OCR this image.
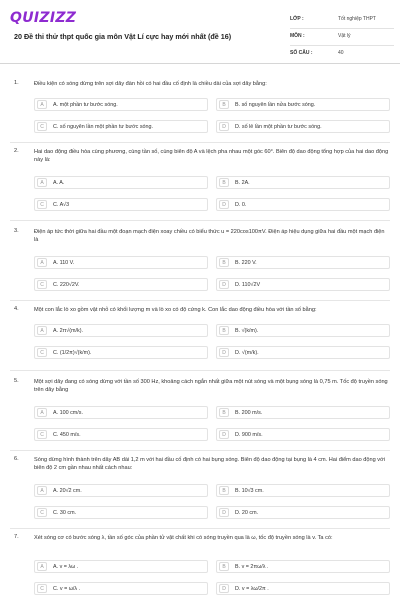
QUIZIZZ
20 Đề thi thử thpt quốc gia môn Vật Lí cực hay mới nhất (đề 16)
LỚP :	Tốt nghiệp THPT
MÔN :	Vật lý
SỐ CÂU :	40
1.	Điều kiện có sóng dừng trên sợi dây đàn hồi có hai đầu cố định là chiều dài của sợi dây bằng:
A	A. một phần tư bước sóng.	B	B. số nguyên lần nửa bước sóng.
C	C. số nguyên lần một phần tư bước sóng.	D	D. số lẻ lần một phần tư bước sóng.
2.	Hai dao động điều hòa cùng phương, cùng tần số, cùng biên độ A và lệch pha nhau một góc 60°. Biên độ dao động tổng hợp của hai dao động này là:
A	A. A.	B	B. 2A.
C	C. A√3	D	D. 0.
3.	Điện áp tức thời giữa hai đầu một đoạn mạch điện xoay chiều có biểu thức u = 220cos100πV. Điện áp hiệu dụng giữa hai đầu một mạch điện là
A	A. 110 V.	B	B. 220 V.
C	C. 220√2V.	D	D. 110√2V
4.	Một con lắc lò xo gồm vật nhỏ có khối lượng m và lò xo có độ cứng k. Con lắc dao động điều hòa với tần số bằng:
A	A. 2π√(m/k).	B	B. √(k/m).
C	C. (1/2π)√(k/m).	D	D. √(m/k).
5.	Một sợi dây đang có sóng dừng với tần số 300 Hz, khoảng cách ngắn nhất giữa một nút sóng và một bụng sóng là 0,75 m. Tốc độ truyền sóng trên dây bằng
A	A. 100 cm/s.	B	B. 200 m/s.
C	C. 450 m/s.	D	D. 900 m/s.
6.	Sóng dừng hình thành trên dây AB dài 1,2 m với hai đầu cố định có hai bụng sóng. Biên độ dao động tại bụng là 4 cm. Hai điểm dao động với biên độ 2 cm gần nhau nhất cách nhau:
A	A. 20√2 cm.	B	B. 10√3 cm.
C	C. 30 cm.	D	D. 20 cm.
7.	Xét sóng cơ có bước sóng λ, tần số góc của phần tử vật chất khi có sóng truyền qua là ω, tốc độ truyền sóng là v. Ta có:
A	A. v = λω .	B	B. v = 2πω/λ .
C	C. v = ω/λ .	D	D. v = λω/2π .
